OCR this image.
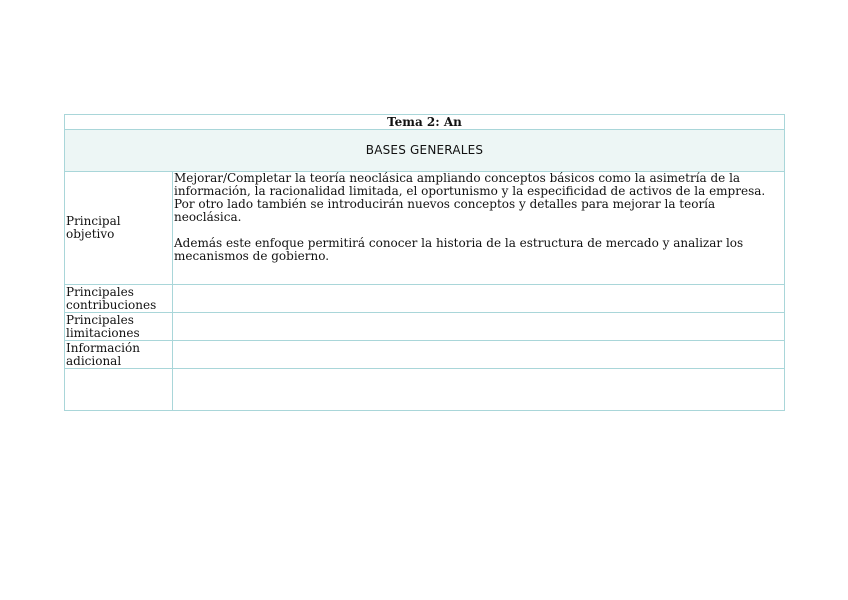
Tema 2: An	
BASES GENERALES	
Principal objetivo	Mejorar/Completar la teoría neoclásica ampliando conceptos básicos como la asimetría de la información, la racionalidad limitada, el oportunismo y la especificidad de activos de la empresa. Por otro lado también se introducirán nuevos conceptos y detalles para mejorar la teoría neoclásica.

Además este enfoque permitirá conocer la historia de la estructura de mercado y analizar los mecanismos de gobierno.

Principales contribuciones	
Principales limitaciones	
Información adicional	
